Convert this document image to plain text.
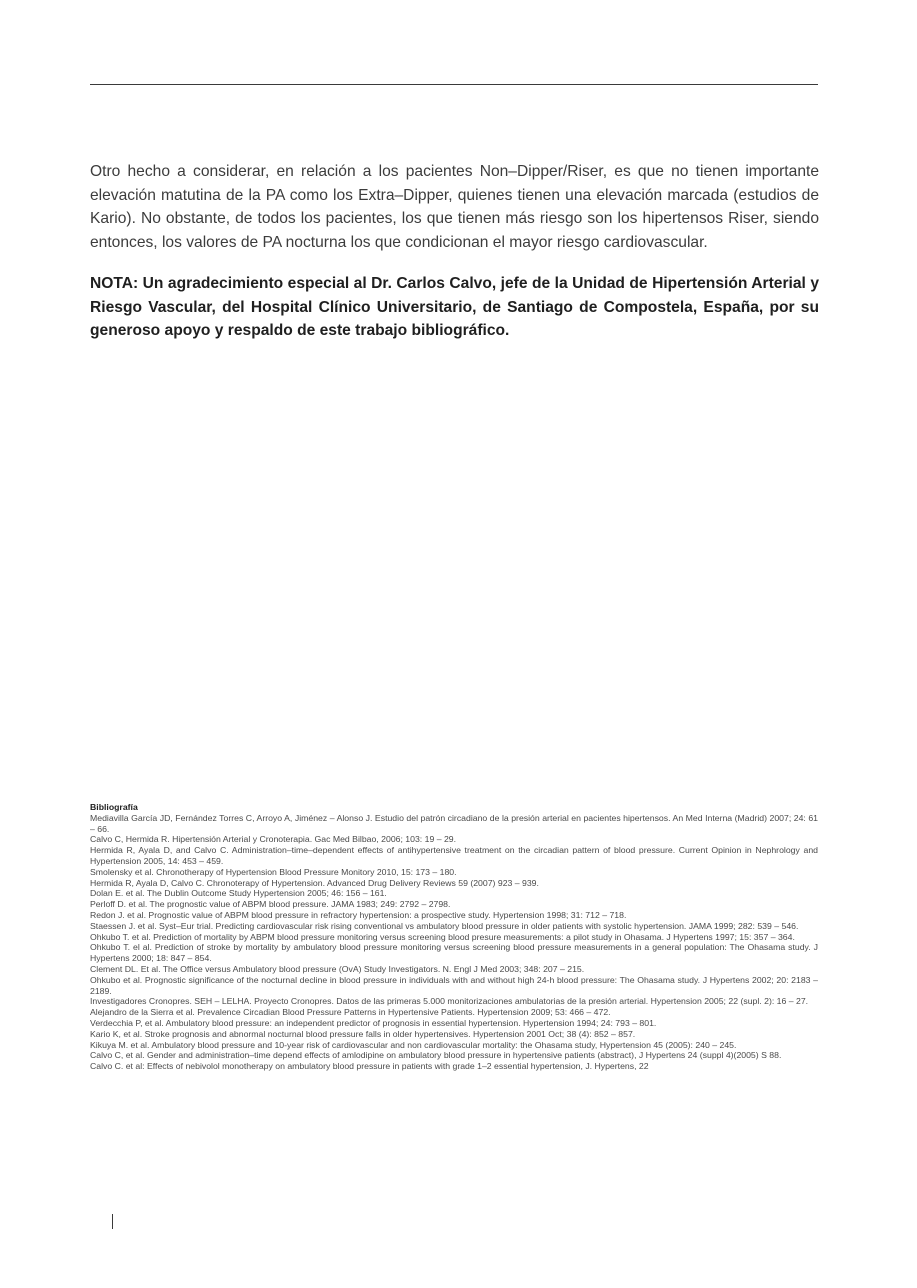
Otro hecho a considerar, en relación a los pacientes Non–Dipper/Riser, es que no tienen importante elevación matutina de la PA como los Extra–Dipper, quienes tienen una elevación marcada (estudios de Kario). No obstante, de todos los pacientes, los que tienen más riesgo son los hipertensos Riser, siendo entonces, los valores de PA nocturna los que condicionan el mayor riesgo cardiovascular.

NOTA: Un agradecimiento especial al Dr. Carlos Calvo, jefe de la Unidad de Hipertensión Arterial y Riesgo Vascular, del Hospital Clínico Universitario, de Santiago de Compostela, España, por su generoso apoyo y respaldo de este trabajo bibliográfico.

Bibliografía
Mediavilla García JD, Fernández Torres C, Arroyo A, Jiménez – Alonso J. Estudio del patrón circadiano de la presión arterial en pacientes hipertensos. An Med Interna (Madrid) 2007; 24: 61 – 66.
Calvo C, Hermida R. Hipertensión Arterial y Cronoterapia. Gac Med Bilbao, 2006; 103: 19 – 29.
Hermida R, Ayala D, and Calvo C. Administration–time–dependent effects of antihypertensive treatment on the circadian pattern of blood pressure. Current Opinion in Nephrology and Hypertension 2005, 14: 453 – 459.
Smolensky et al. Chronotherapy of Hypertension Blood Pressure Monitory 2010, 15: 173 – 180.
Hermida R, Ayala D, Calvo C. Chronoterapy of Hypertension. Advanced Drug Delivery Reviews 59 (2007) 923 – 939.
Dolan E. et al. The Dublin Outcome Study Hypertension 2005; 46: 156 – 161.
Perloff D. et al. The prognostic value of ABPM blood pressure. JAMA 1983; 249: 2792 – 2798.
Redon J. et al. Prognostic value of ABPM blood pressure in refractory hypertension: a prospective study. Hypertension 1998; 31: 712 – 718.
Staessen J. et al. Syst–Eur trial. Predicting cardiovascular risk rising conventional vs ambulatory blood pressure in older patients with systolic hypertension. JAMA 1999; 282: 539 – 546.
Ohkubo T. et al. Prediction of mortality by ABPM blood pressure monitoring versus screening blood presure measurements: a pilot study in Ohasama. J Hypertens 1997; 15: 357 – 364.
Ohkubo T. el al. Prediction of stroke by mortality by ambulatory blood pressure monitoring versus screening blood pressure measurements in a general population: The Ohasama study. J Hypertens 2000; 18: 847 – 854.
Clement DL. Et al. The Office versus Ambulatory blood pressure (OvA) Study Investigators. N. Engl J Med 2003; 348: 207 – 215.
Ohkubo et al. Prognostic significance of the nocturnal decline in blood pressure in individuals with and without high 24-h blood pressure: The Ohasama study. J Hypertens 2002; 20: 2183 – 2189.
Investigadores Cronopres. SEH – LELHA. Proyecto Cronopres. Datos de las primeras 5.000 monitorizaciones ambulatorias de la presión arterial. Hypertension 2005; 22 (supl. 2): 16 – 27.
Alejandro de la Sierra et al. Prevalence Circadian Blood Pressure Patterns in Hypertensive Patients. Hypertension 2009; 53: 466 – 472.
Verdecchia P, et al. Ambulatory blood pressure: an independent predictor of prognosis in essential hypertension. Hypertension 1994; 24: 793 – 801.
Kario K, et al. Stroke prognosis and abnormal nocturnal blood pressure falls in older hypertensives. Hypertension 2001 Oct; 38 (4): 852 – 857.
Kikuya M. et al. Ambulatory blood pressure and 10-year risk of cardiovascular and non cardiovascular mortality: the Ohasama study, Hypertension 45 (2005): 240 – 245.
Calvo C, et al. Gender and administration–time depend effects of amlodipine on ambulatory blood pressure in hypertensive patients (abstract), J Hypertens 24 (suppl 4)(2005) S 88.
Calvo C. et al: Effects of nebivolol monotherapy on ambulatory blood pressure in patients with grade 1–2 essential hypertension, J. Hypertens, 22
